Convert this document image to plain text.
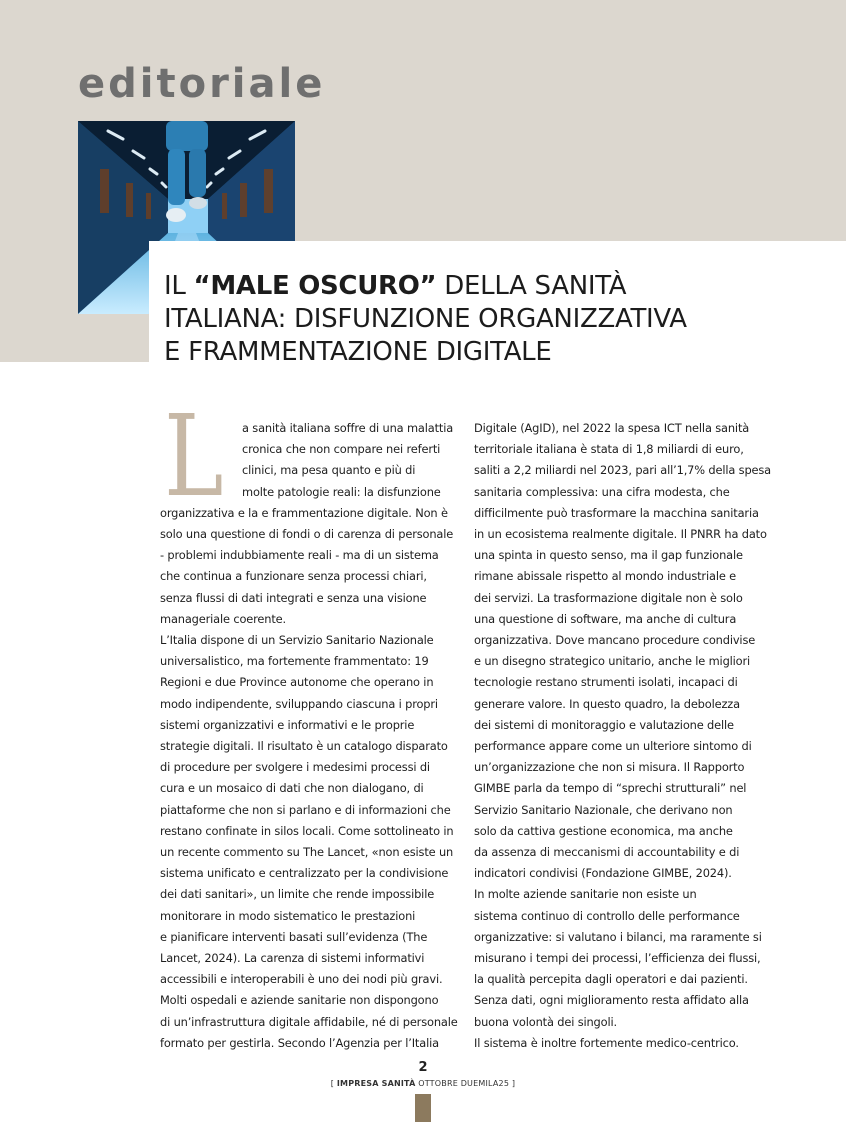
editoriale
IL “MALE OSCURO” DELLA SANITÀ
ITALIANA: DISFUNZIONE ORGANIZZATIVA
E FRAMMENTAZIONE DIGITALE
L	a sanità italiana soffre di una malattia
cronica che non compare nei referti
clinici, ma pesa quanto e più di
molte patologie reali: la disfunzione
organizzativa e la e frammentazione digitale. Non è
solo una questione di fondi o di carenza di personale
- problemi indubbiamente reali - ma di un sistema
che continua a funzionare senza processi chiari,
senza flussi di dati integrati e senza una visione
manageriale coerente.
L’Italia dispone di un Servizio Sanitario Nazionale
universalistico, ma fortemente frammentato: 19
Regioni e due Province autonome che operano in
modo indipendente, sviluppando ciascuna i propri
sistemi organizzativi e informativi e le proprie
strategie digitali. Il risultato è un catalogo disparato
di procedure per svolgere i medesimi processi di
cura e un mosaico di dati che non dialogano, di
piattaforme che non si parlano e di informazioni che
restano confinate in silos locali. Come sottolineato in
un recente commento su The Lancet, «non esiste un
sistema unificato e centralizzato per la condivisione
dei dati sanitari», un limite che rende impossibile
monitorare in modo sistematico le prestazioni
e pianificare interventi basati sull’evidenza (The
Lancet, 2024). La carenza di sistemi informativi
accessibili e interoperabili è uno dei nodi più gravi.
Molti ospedali e aziende sanitarie non dispongono
di un’infrastruttura digitale affidabile, né di personale
formato per gestirla. Secondo l’Agenzia per l’Italia
Digitale (AgID), nel 2022 la spesa ICT nella sanità
territoriale italiana è stata di 1,8 miliardi di euro,
saliti a 2,2 miliardi nel 2023, pari all’1,7% della spesa
sanitaria complessiva: una cifra modesta, che
difficilmente può trasformare la macchina sanitaria
in un ecosistema realmente digitale. Il PNRR ha dato
una spinta in questo senso, ma il gap funzionale
rimane abissale rispetto al mondo industriale e
dei servizi. La trasformazione digitale non è solo
una questione di software, ma anche di cultura
organizzativa. Dove mancano procedure condivise
e un disegno strategico unitario, anche le migliori
tecnologie restano strumenti isolati, incapaci di
generare valore. In questo quadro, la debolezza
dei sistemi di monitoraggio e valutazione delle
performance appare come un ulteriore sintomo di
un’organizzazione che non si misura. Il Rapporto
GIMBE parla da tempo di “sprechi strutturali” nel
Servizio Sanitario Nazionale, che derivano non
solo da cattiva gestione economica, ma anche
da assenza di meccanismi di accountability e di
indicatori condivisi (Fondazione GIMBE, 2024).
In molte aziende sanitarie non esiste un
sistema continuo di controllo delle performance
organizzative: si valutano i bilanci, ma raramente si
misurano i tempi dei processi, l’efficienza dei flussi,
la qualità percepita dagli operatori e dai pazienti.
Senza dati, ogni miglioramento resta affidato alla
buona volontà dei singoli.
Il sistema è inoltre fortemente medico-centrico.
2
[ IMPRESA SANITÀ OTTOBRE DUEMILA25 ]
